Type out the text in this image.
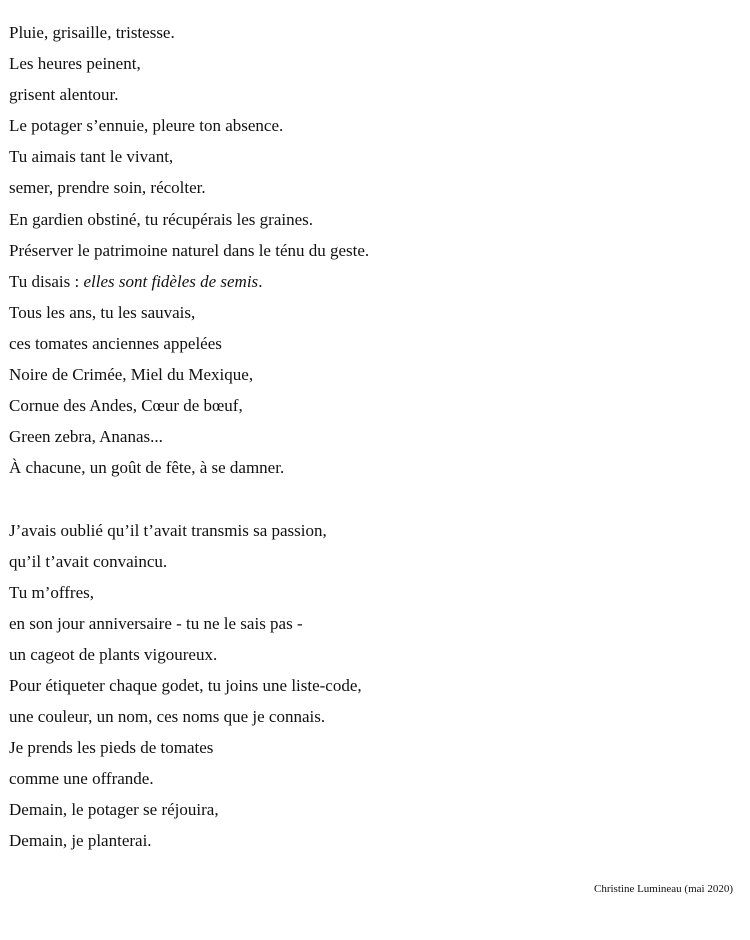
Pluie, grisaille, tristesse.
Les heures peinent,
grisent alentour.
Le potager s’ennuie, pleure ton absence.
Tu aimais tant le vivant,
semer, prendre soin, récolter.
En gardien obstiné, tu récupérais les graines.
Préserver le patrimoine naturel dans le ténu du geste.
Tu disais : elles sont fidèles de semis.
Tous les ans, tu les sauvais,
ces tomates anciennes appelées
Noire de Crimée, Miel du Mexique,
Cornue des Andes, Cœur de bœuf,
Green zebra, Ananas...
À chacune, un goût de fête, à se damner.
J’avais oublié qu’il t’avait transmis sa passion,
qu’il t’avait convaincu.
Tu m’offres,
en son jour anniversaire - tu ne le sais pas -
un cageot de plants vigoureux.
Pour étiqueter chaque godet, tu joins une liste-code,
une couleur, un nom, ces noms que je connais.
Je prends les pieds de tomates
comme une offrande.
Demain, le potager se réjouira,
Demain, je planterai.
Christine Lumineau (mai 2020)
